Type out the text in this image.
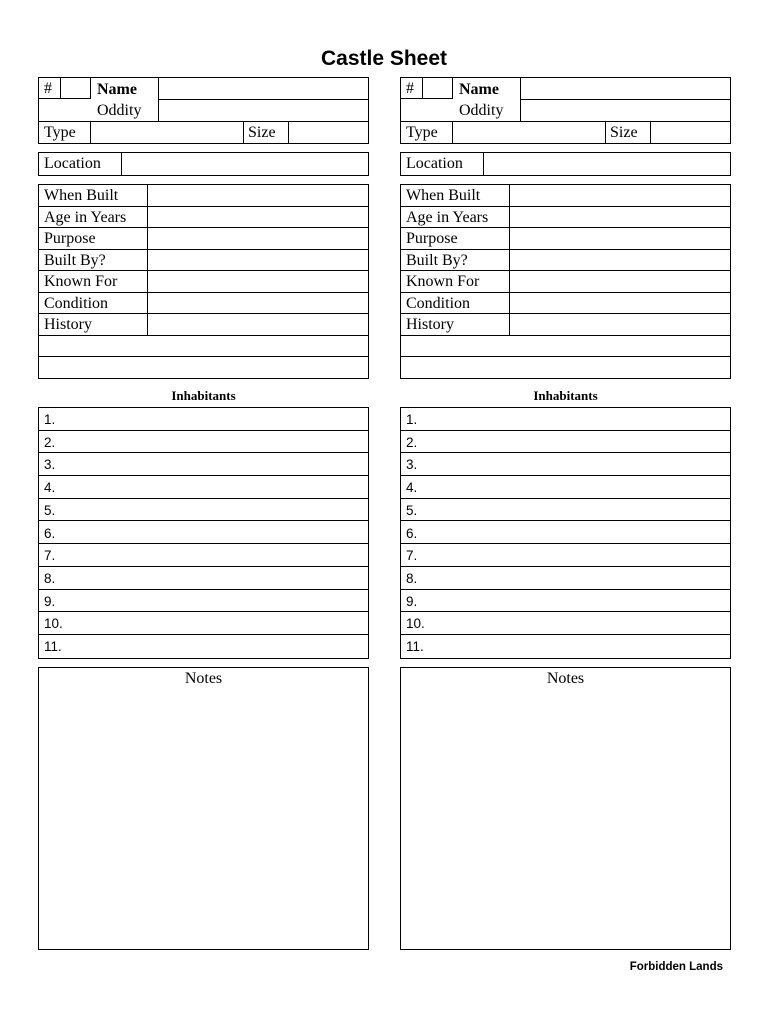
Castle Sheet
#	Name
Oddity
Type	Size
Location
When Built
Age in Years
Purpose
Built By?
Known For
Condition
History
Inhabitants
1.
2.
3.
4.
5.
6.
7.
8.
9.
10.
11.
Notes
#	Name
Oddity
Type	Size
Location
When Built
Age in Years
Purpose
Built By?
Known For
Condition
History
Inhabitants
1.
2.
3.
4.
5.
6.
7.
8.
9.
10.
11.
Notes
Forbidden Lands
